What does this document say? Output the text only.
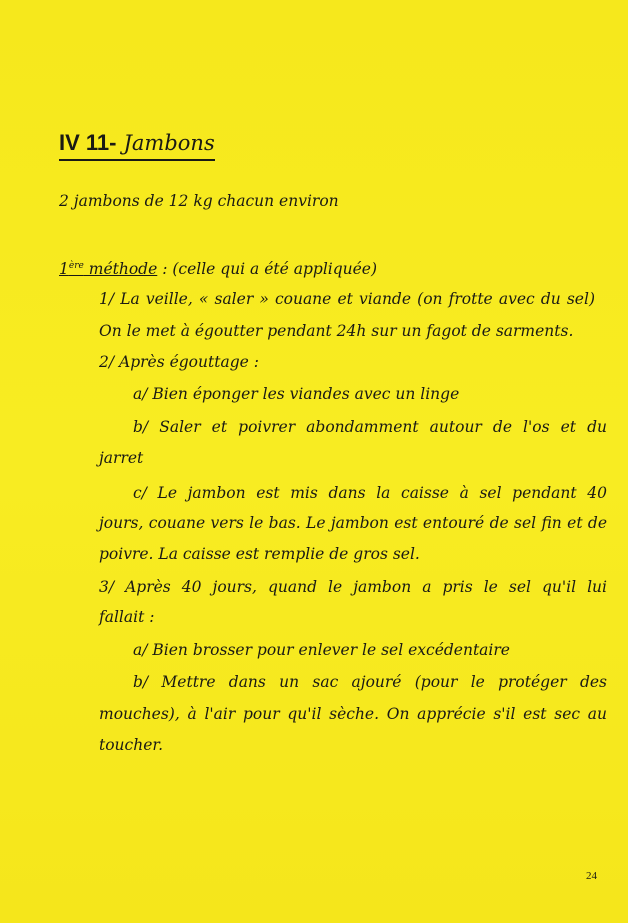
IV 11- Jambons
2 jambons de 12 kg chacun environ
1ère méthode : (celle qui a été appliquée)
1/ La veille, « saler » couane et viande (on frotte avec du sel)
On le met à égoutter pendant 24h sur un fagot de sarments.
2/ Après égouttage :
a/ Bien éponger les viandes avec un linge
b/ Saler et poivrer abondamment autour de l'os et du
jarret
c/ Le jambon est mis dans la caisse à sel pendant 40
jours, couane vers le bas. Le jambon est entouré de sel fin et de
poivre. La caisse est remplie de gros sel.
3/ Après 40 jours, quand le jambon a pris le sel qu'il lui
fallait :
a/ Bien brosser pour enlever le sel excédentaire
b/ Mettre dans un sac ajouré (pour le protéger des
mouches), à l'air pour qu'il sèche. On apprécie s'il est sec au
toucher.
24
